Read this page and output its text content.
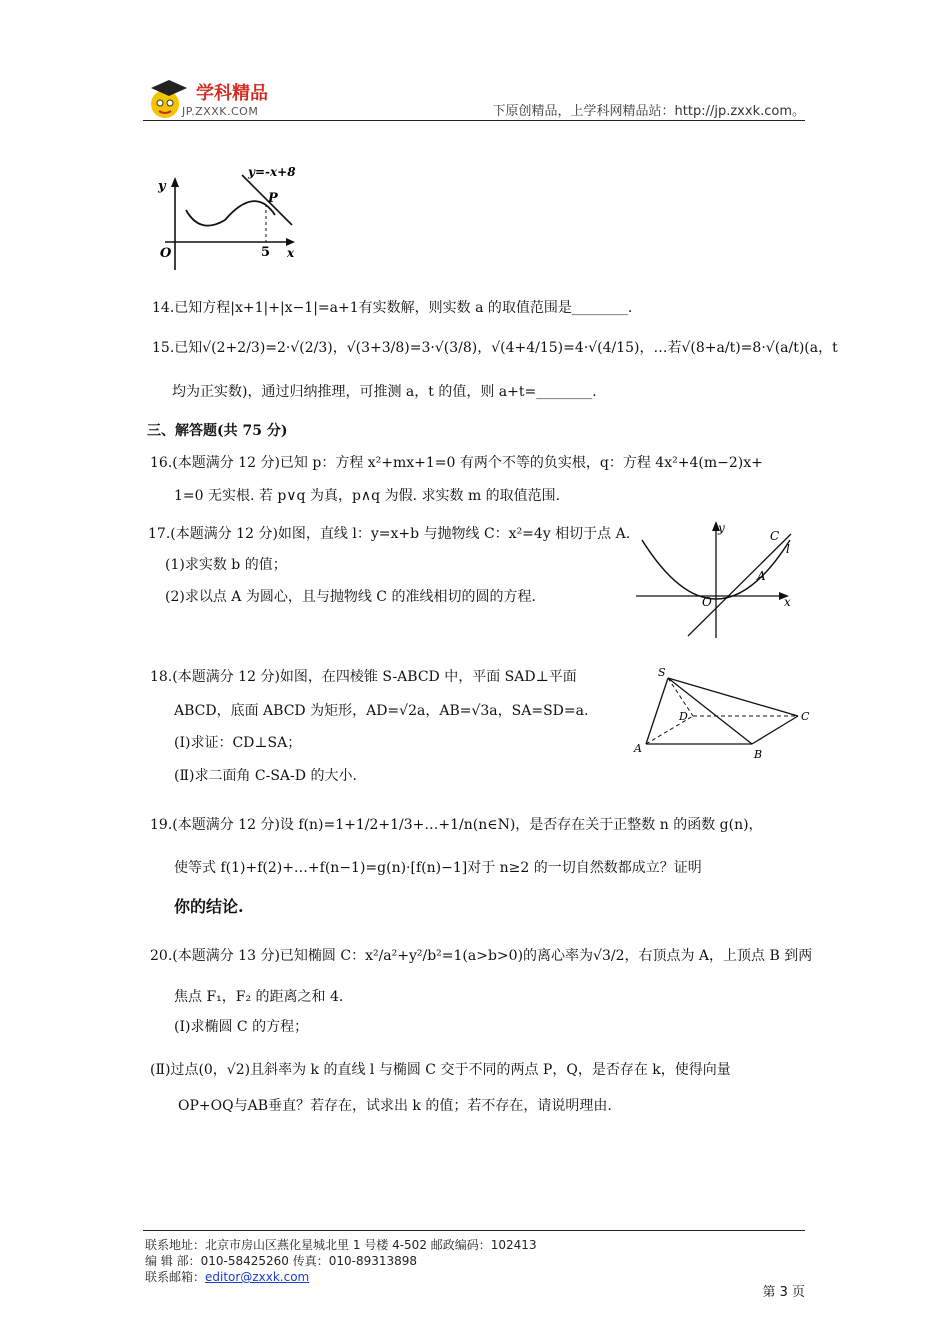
学科精品
JP.ZXXK.COM	下原创精品，上学科网精品站：http://jp.zxxk.com。
y=-x+8
P
y
x
O	5
14.已知方程|x+1|+|x−1|=a+1有实数解，则实数 a 的取值范围是________.
15.已知√(2+2/3)=2·√(2/3)，√(3+3/8)=3·√(3/8)，√(4+4/15)=4·√(4/15)，…若√(8+a/t)=8·√(a/t)(a，t
均为正实数)，通过归纳推理，可推测 a，t 的值，则 a+t=________.
三、解答题(共 75 分)
16.(本题满分 12 分)已知 p：方程 x²+mx+1=0 有两个不等的负实根，q：方程 4x²+4(m−2)x+
1=0 无实根. 若 p∨q 为真，p∧q 为假. 求实数 m 的取值范围.
17.(本题满分 12 分)如图，直线 l：y=x+b 与抛物线 C：x²=4y 相切于点 A.
(1)求实数 b 的值；
(2)求以点 A 为圆心，且与抛物线 C 的准线相切的圆的方程.
y
x
O
C
l
A
18.(本题满分 12 分)如图，在四棱锥 S-ABCD 中，平面 SAD⊥平面
ABCD，底面 ABCD 为矩形，AD=√2a，AB=√3a，SA=SD=a.
(Ⅰ)求证：CD⊥SA；
(Ⅱ)求二面角 C-SA-D 的大小.
S
A	B
C
D
19.(本题满分 12 分)设 f(n)=1+1/2+1/3+…+1/n(n∈N)，是否存在关于正整数 n 的函数 g(n)，
使等式 f(1)+f(2)+…+f(n−1)=g(n)·[f(n)−1]对于 n≥2 的一切自然数都成立？证明
你的结论.
20.(本题满分 13 分)已知椭圆 C：x²/a²+y²/b²=1(a>b>0)的离心率为√3/2，右顶点为 A，上顶点 B 到两
焦点 F₁，F₂ 的距离之和 4.
(Ⅰ)求椭圆 C 的方程；
(Ⅱ)过点(0，√2)且斜率为 k 的直线 l 与椭圆 C 交于不同的两点 P，Q，是否存在 k，使得向量
OP+OQ与AB垂直？若存在，试求出 k 的值；若不存在，请说明理由.
联系地址：北京市房山区燕化星城北里 1 号楼 4-502 邮政编码：102413
编 辑 部：010-58425260 传真：010-89313898
联系邮箱：editor@zxxk.com
第 3 页
